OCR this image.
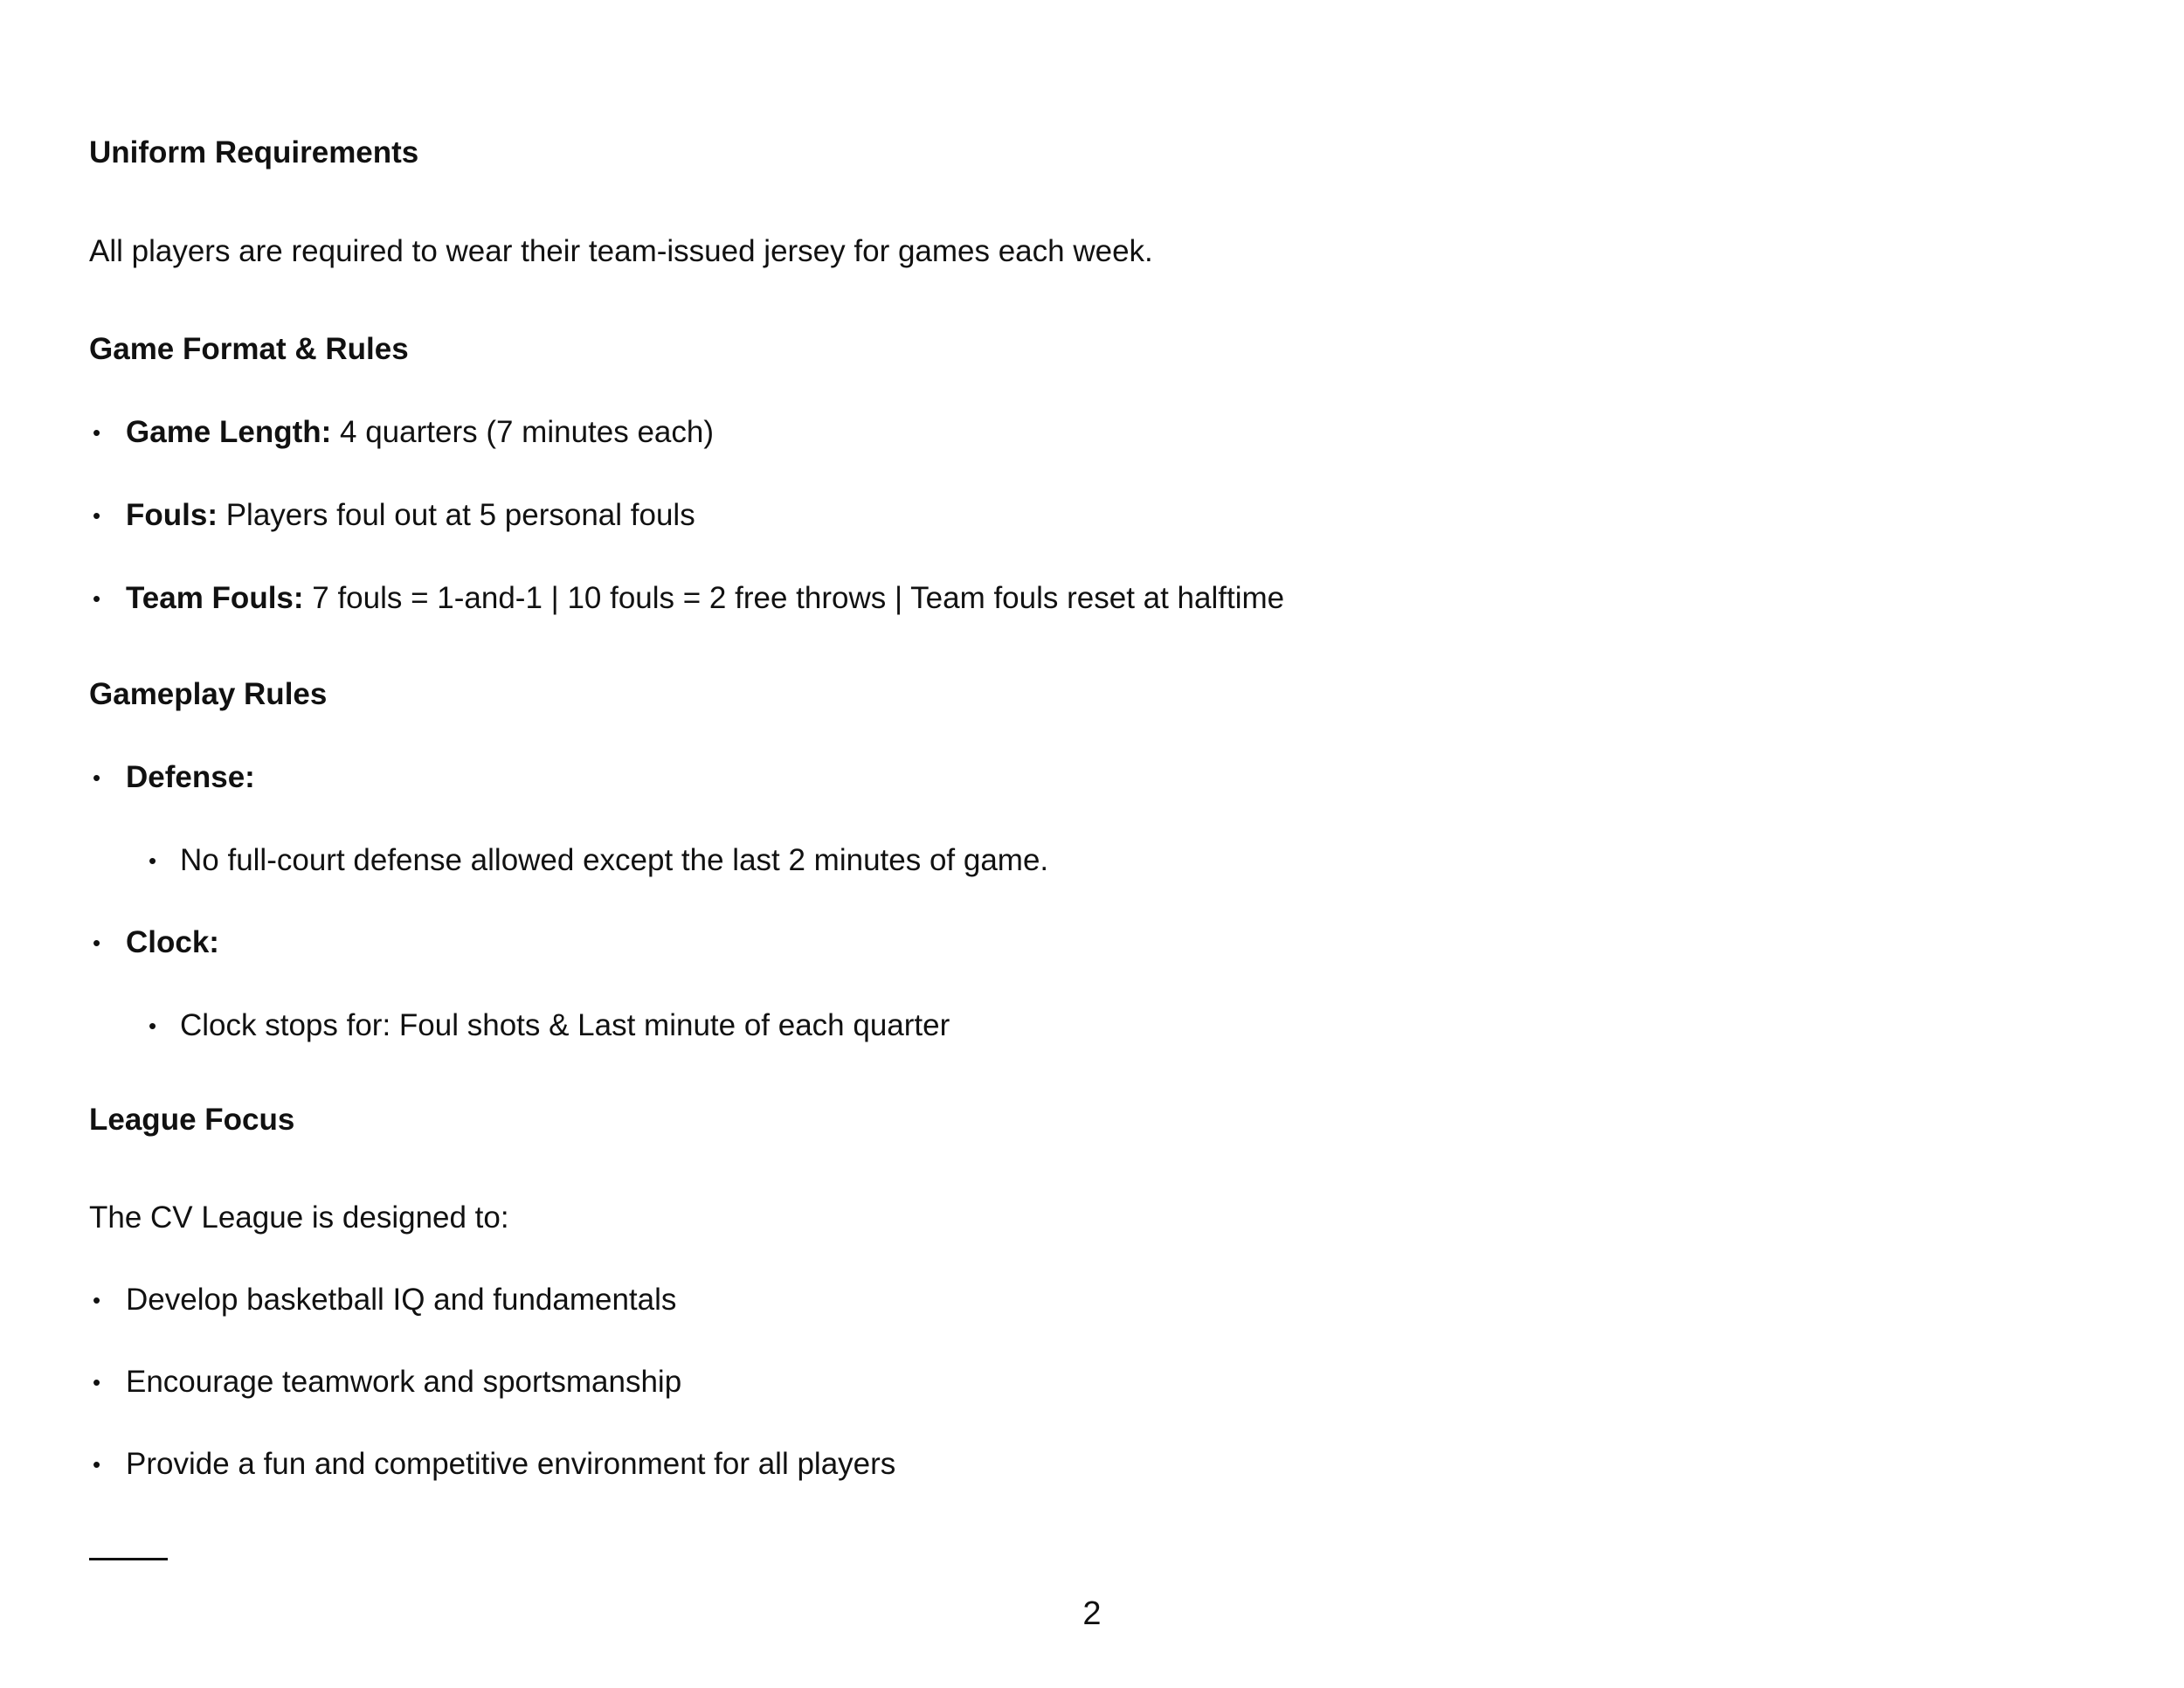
Uniform Requirements
All players are required to wear their team-issued jersey for games each week.
Game Format & Rules
• Game Length: 4 quarters (7 minutes each)
• Fouls: Players foul out at 5 personal fouls
• Team Fouls: 7 fouls = 1-and-1 | 10 fouls = 2 free throws | Team fouls reset at halftime
Gameplay Rules
• Defense:
• No full-court defense allowed except the last 2 minutes of game.
• Clock:
• Clock stops for: Foul shots & Last minute of each quarter
League Focus
The CV League is designed to:
• Develop basketball IQ and fundamentals
• Encourage teamwork and sportsmanship
• Provide a fun and competitive environment for all players
2
